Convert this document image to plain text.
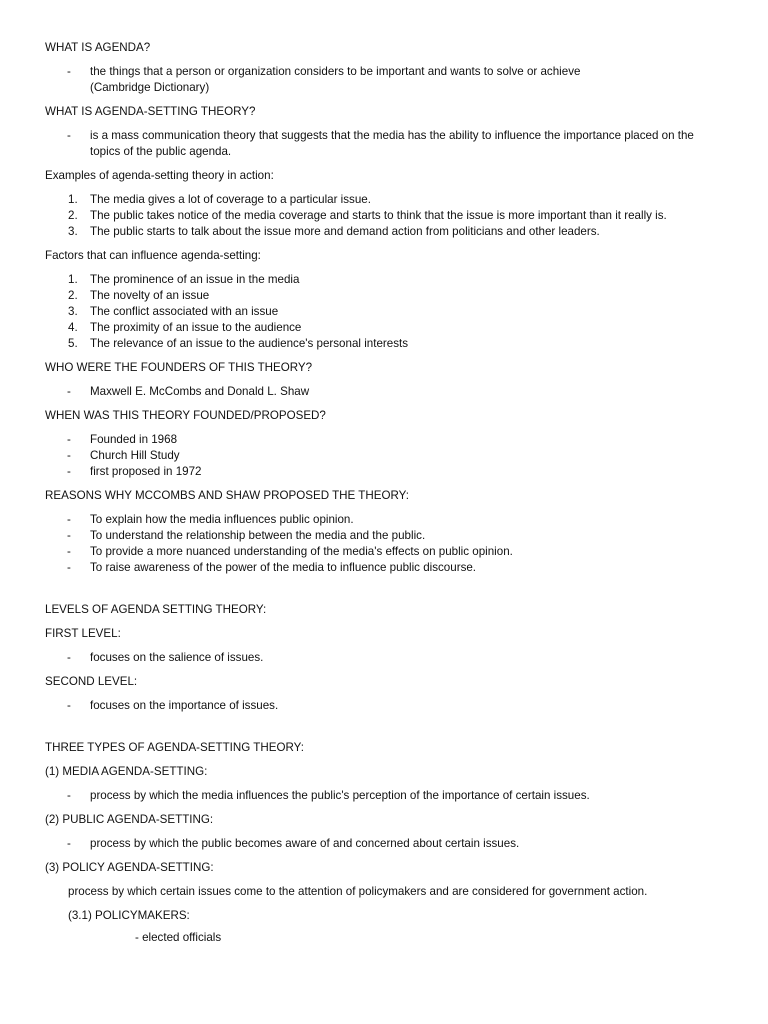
WHAT IS AGENDA?

- the things that a person or organization considers to be important and wants to solve or achieve
(Cambridge Dictionary)

WHAT IS AGENDA-SETTING THEORY?

- is a mass communication theory that suggests that the media has the ability to influence the importance placed on the topics of the public agenda.

Examples of agenda-setting theory in action:

1. The media gives a lot of coverage to a particular issue.
2. The public takes notice of the media coverage and starts to think that the issue is more important than it really is.
3. The public starts to talk about the issue more and demand action from politicians and other leaders.

Factors that can influence agenda-setting:

1. The prominence of an issue in the media
2. The novelty of an issue
3. The conflict associated with an issue
4. The proximity of an issue to the audience
5. The relevance of an issue to the audience's personal interests

WHO WERE THE FOUNDERS OF THIS THEORY?

- Maxwell E. McCombs and Donald L. Shaw

WHEN WAS THIS THEORY FOUNDED/PROPOSED?

- Founded in 1968
- Church Hill Study
- first proposed in 1972

REASONS WHY MCCOMBS AND SHAW PROPOSED THE THEORY:

- To explain how the media influences public opinion.
- To understand the relationship between the media and the public.
- To provide a more nuanced understanding of the media's effects on public opinion.
- To raise awareness of the power of the media to influence public discourse.

LEVELS OF AGENDA SETTING THEORY:

FIRST LEVEL:

- focuses on the salience of issues.

SECOND LEVEL:

- focuses on the importance of issues.

THREE TYPES OF AGENDA-SETTING THEORY:

(1) MEDIA AGENDA-SETTING:

- process by which the media influences the public's perception of the importance of certain issues.

(2) PUBLIC AGENDA-SETTING:

- process by which the public becomes aware of and concerned about certain issues.

(3) POLICY AGENDA-SETTING:

process by which certain issues come to the attention of policymakers and are considered for government action.

(3.1) POLICYMAKERS:

- elected officials
